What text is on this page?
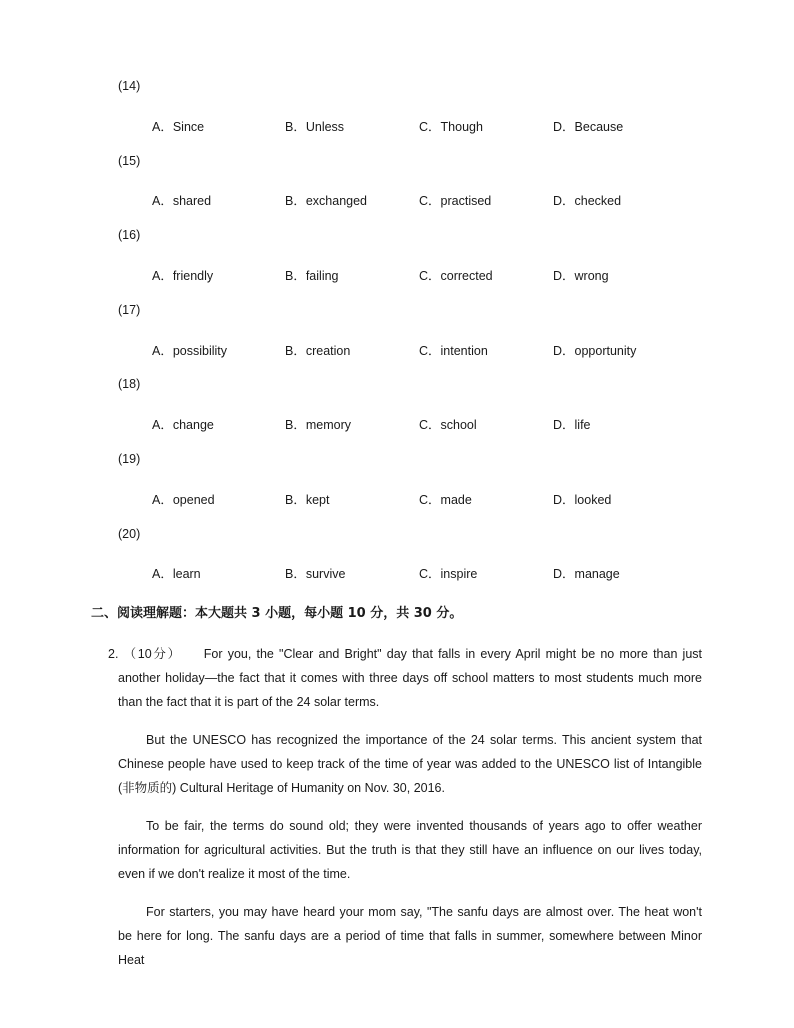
(14)
A．Since	B．Unless	C．Though	D．Because
(15)
A．shared	B．exchanged	C．practised	D．checked
(16)
A．friendly	B．failing	C．corrected	D．wrong
(17)
A．possibility	B．creation	C．intention	D．opportunity
(18)
A．change	B．memory	C．school	D．life
(19)
A．opened	B．kept	C．made	D．looked
(20)
A．learn	B．survive	C．inspire	D．manage
二、阅读理解题：本大题共 3 小题，每小题 10 分，共 30 分。
2. （10分） For you, the "Clear and Bright" day that falls in every April might be no more than just another holiday—the fact that it comes with three days off school matters to most students much more than the fact that it is part of the 24 solar terms.
But the UNESCO has recognized the importance of the 24 solar terms. This ancient system that Chinese people have used to keep track of the time of year was added to the UNESCO list of Intangible (非物质的) Cultural Heritage of Humanity on Nov. 30, 2016.
To be fair, the terms do sound old; they were invented thousands of years ago to offer weather information for agricultural activities. But the truth is that they still have an influence on our lives today, even if we don't realize it most of the time.
For starters, you may have heard your mom say, "The sanfu days are almost over. The heat won't be here for long. The sanfu days are a period of time that falls in summer, somewhere between Minor Heat
